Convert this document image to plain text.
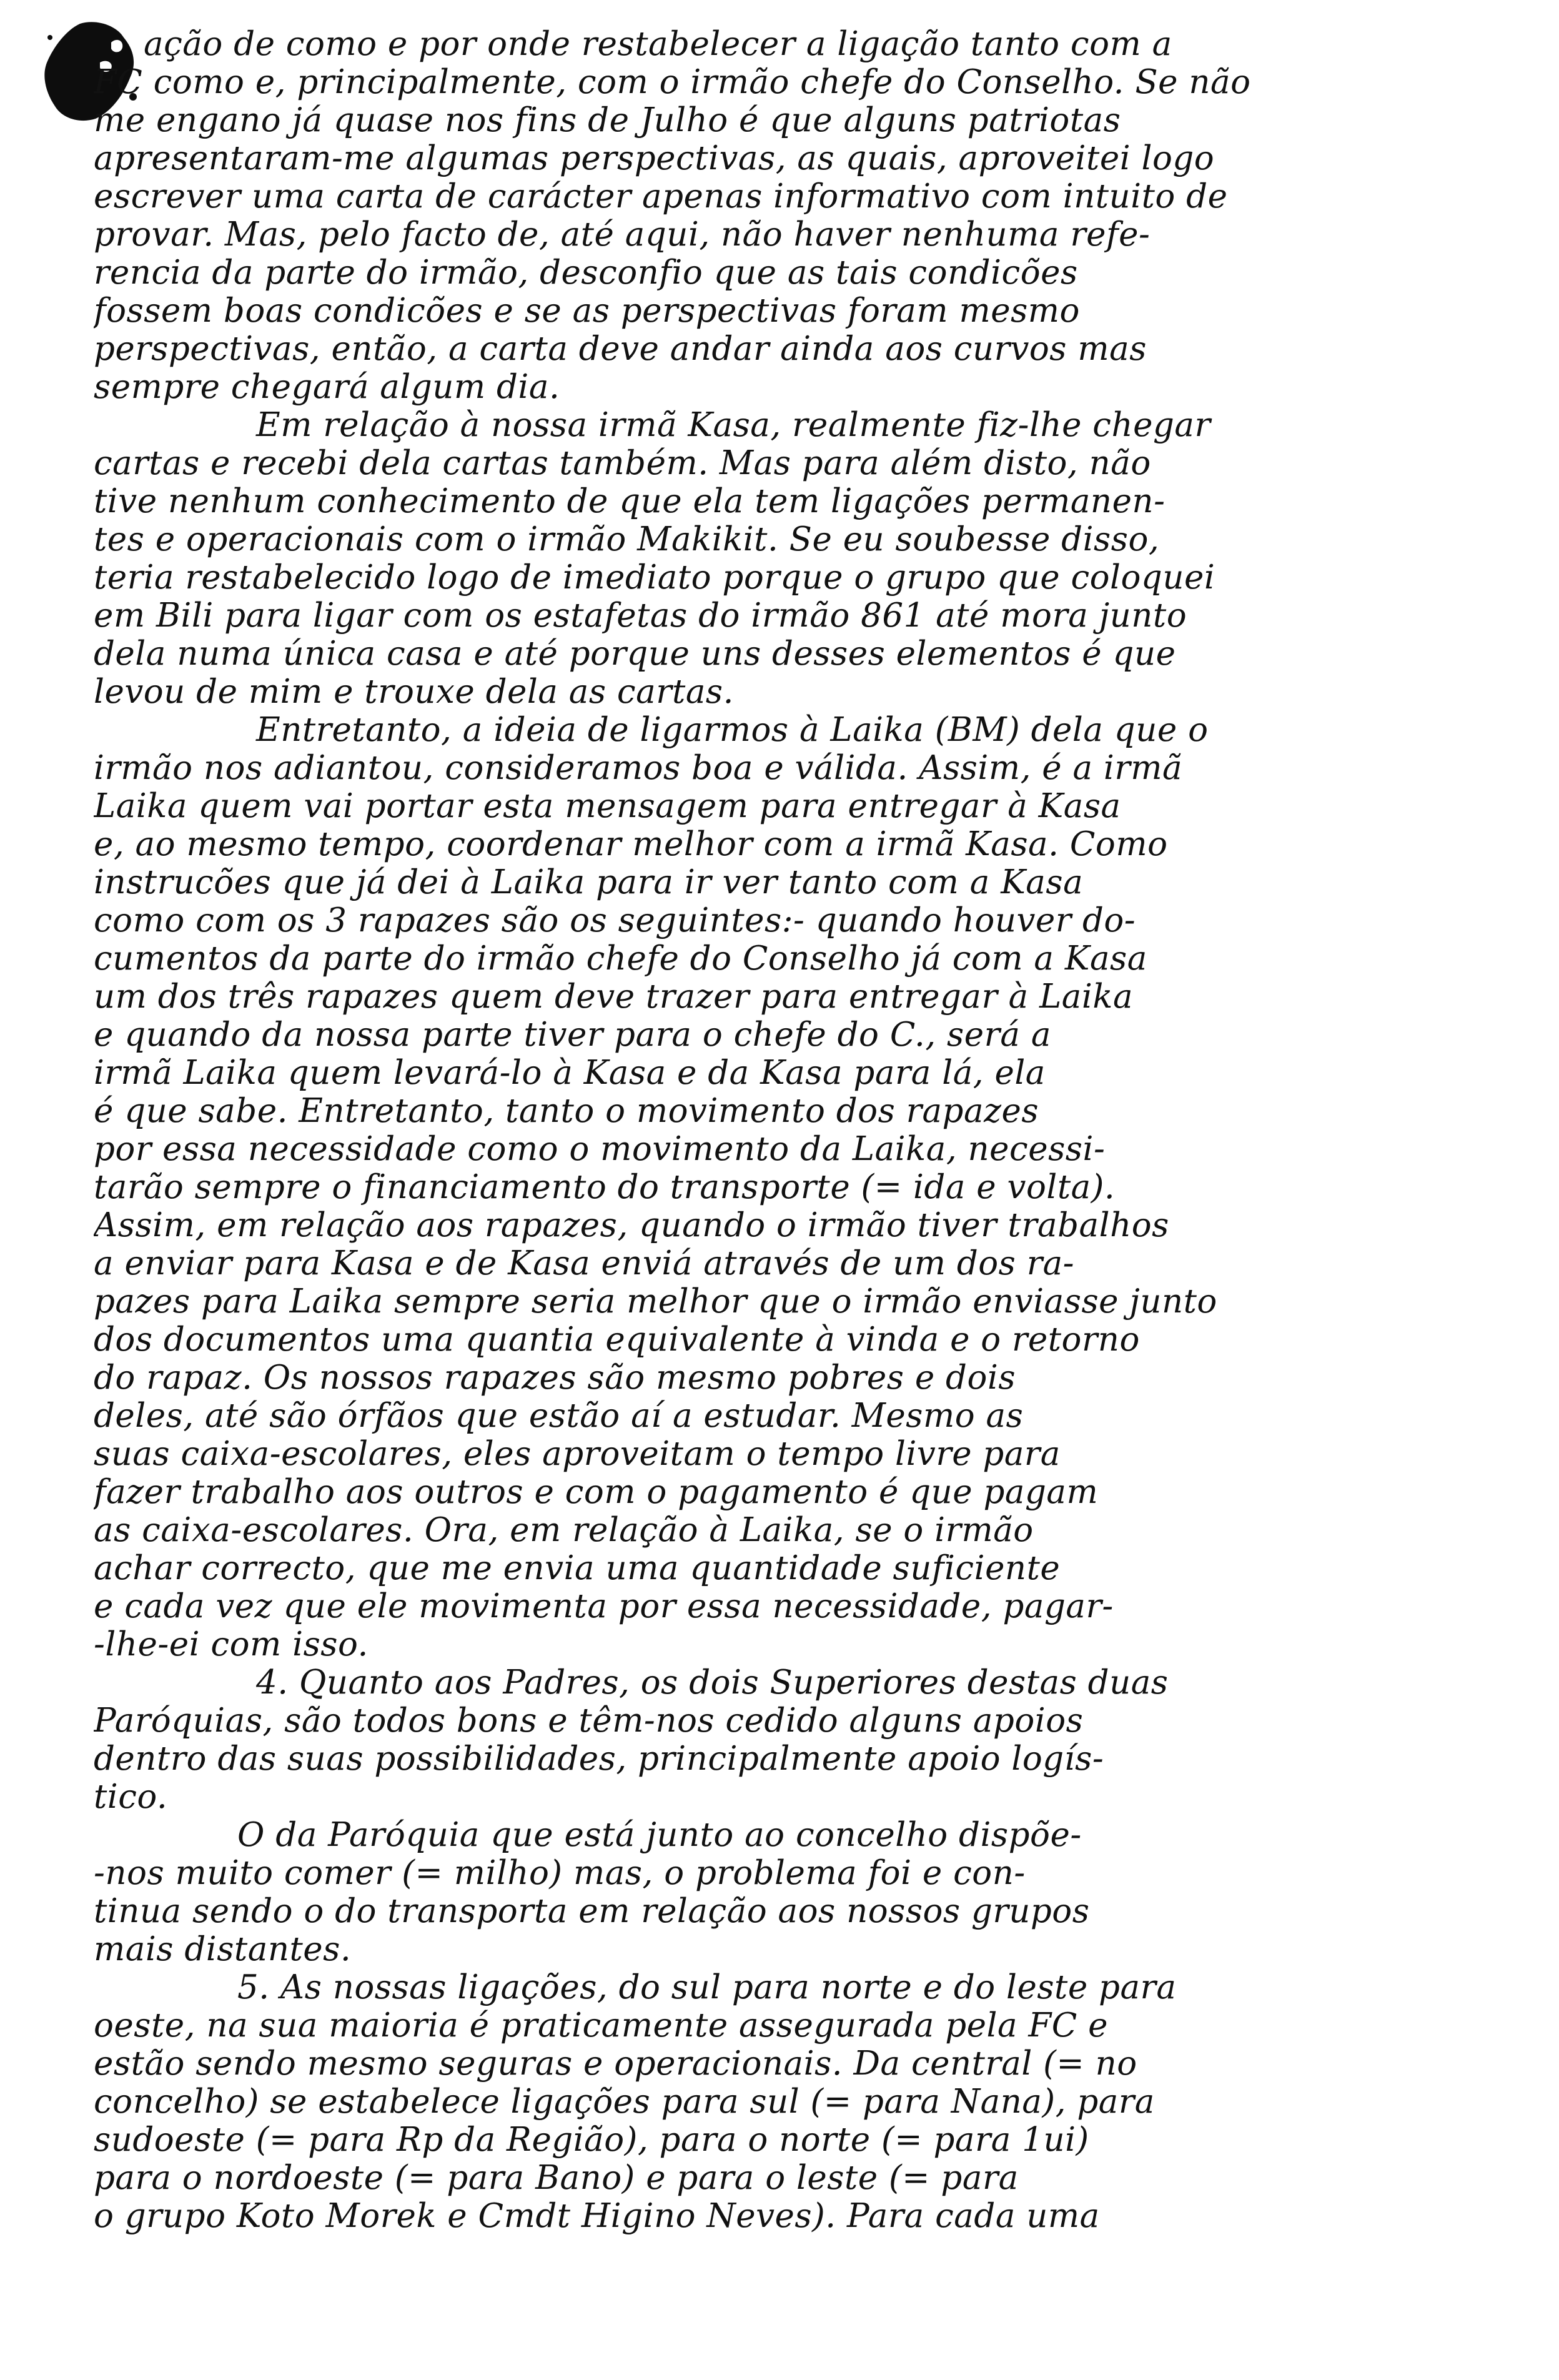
ação de como e por onde restabelecer a ligação tanto com a
FC como e, principalmente, com o irmão chefe do Conselho. Se não
me engano já quase nos fins de Julho é que alguns patriotas
apresentaram-me algumas perspectivas, as quais, aproveitei logo
escrever uma carta de carácter apenas informativo com intuito de
provar. Mas, pelo facto de, até aqui, não haver nenhuma refe-
rencia da parte do irmão, desconfio que as tais condicões
fossem boas condicões e se as perspectivas foram mesmo
perspectivas, então, a carta deve andar ainda aos curvos mas
sempre chegará algum dia.
Em relação à nossa irmã Kasa, realmente fiz-lhe chegar
cartas e recebi dela cartas também. Mas para além disto, não
tive nenhum conhecimento de que ela tem ligações permanen-
tes e operacionais com o irmão Makikit. Se eu soubesse disso,
teria restabelecido logo de imediato porque o grupo que coloquei
em Bili para ligar com os estafetas do irmão 861 até mora junto
dela numa única casa e até porque uns desses elementos é que
levou de mim e trouxe dela as cartas.
Entretanto, a ideia de ligarmos à Laika (BM) dela que o
irmão nos adiantou, consideramos boa e válida. Assim, é a irmã
Laika quem vai portar esta mensagem para entregar à Kasa
e, ao mesmo tempo, coordenar melhor com a irmã Kasa. Como
instrucões que já dei à Laika para ir ver tanto com a Kasa
como com os 3 rapazes são os seguintes:- quando houver do-
cumentos da parte do irmão chefe do Conselho já com a Kasa
um dos três rapazes quem deve trazer para entregar à Laika
e quando da nossa parte tiver para o chefe do C., será a
irmã Laika quem levará-lo à Kasa e da Kasa para lá, ela
é que sabe. Entretanto, tanto o movimento dos rapazes
por essa necessidade como o movimento da Laika, necessi-
tarão sempre o financiamento do transporte (= ida e volta).
Assim, em relação aos rapazes, quando o irmão tiver trabalhos
a enviar para Kasa e de Kasa enviá através de um dos ra-
pazes para Laika sempre seria melhor que o irmão enviasse junto
dos documentos uma quantia equivalente à vinda e o retorno
do rapaz. Os nossos rapazes são mesmo pobres e dois
deles, até são órfãos que estão aí a estudar. Mesmo as
suas caixa-escolares, eles aproveitam o tempo livre para
fazer trabalho aos outros e com o pagamento é que pagam
as caixa-escolares. Ora, em relação à Laika, se o irmão
achar correcto, que me envia uma quantidade suficiente
e cada vez que ele movimenta por essa necessidade, pagar-
-lhe-ei com isso.
4. Quanto aos Padres, os dois Superiores destas duas
Paróquias, são todos bons e têm-nos cedido alguns apoios
dentro das suas possibilidades, principalmente apoio logís-
tico.
O da Paróquia que está junto ao concelho dispõe-
-nos muito comer (= milho) mas, o problema foi e con-
tinua sendo o do transporta em relação aos nossos grupos
mais distantes.
5. As nossas ligações, do sul para norte e do leste para
oeste, na sua maioria é praticamente assegurada pela FC e
estão sendo mesmo seguras e operacionais. Da central (= no
concelho) se estabelece ligações para sul (= para Nana), para
sudoeste (= para Rp da Região), para o norte (= para 1ui)
para o nordoeste (= para Bano) e para o leste (= para
o grupo Koto Morek e Cmdt Higino Neves). Para cada uma
